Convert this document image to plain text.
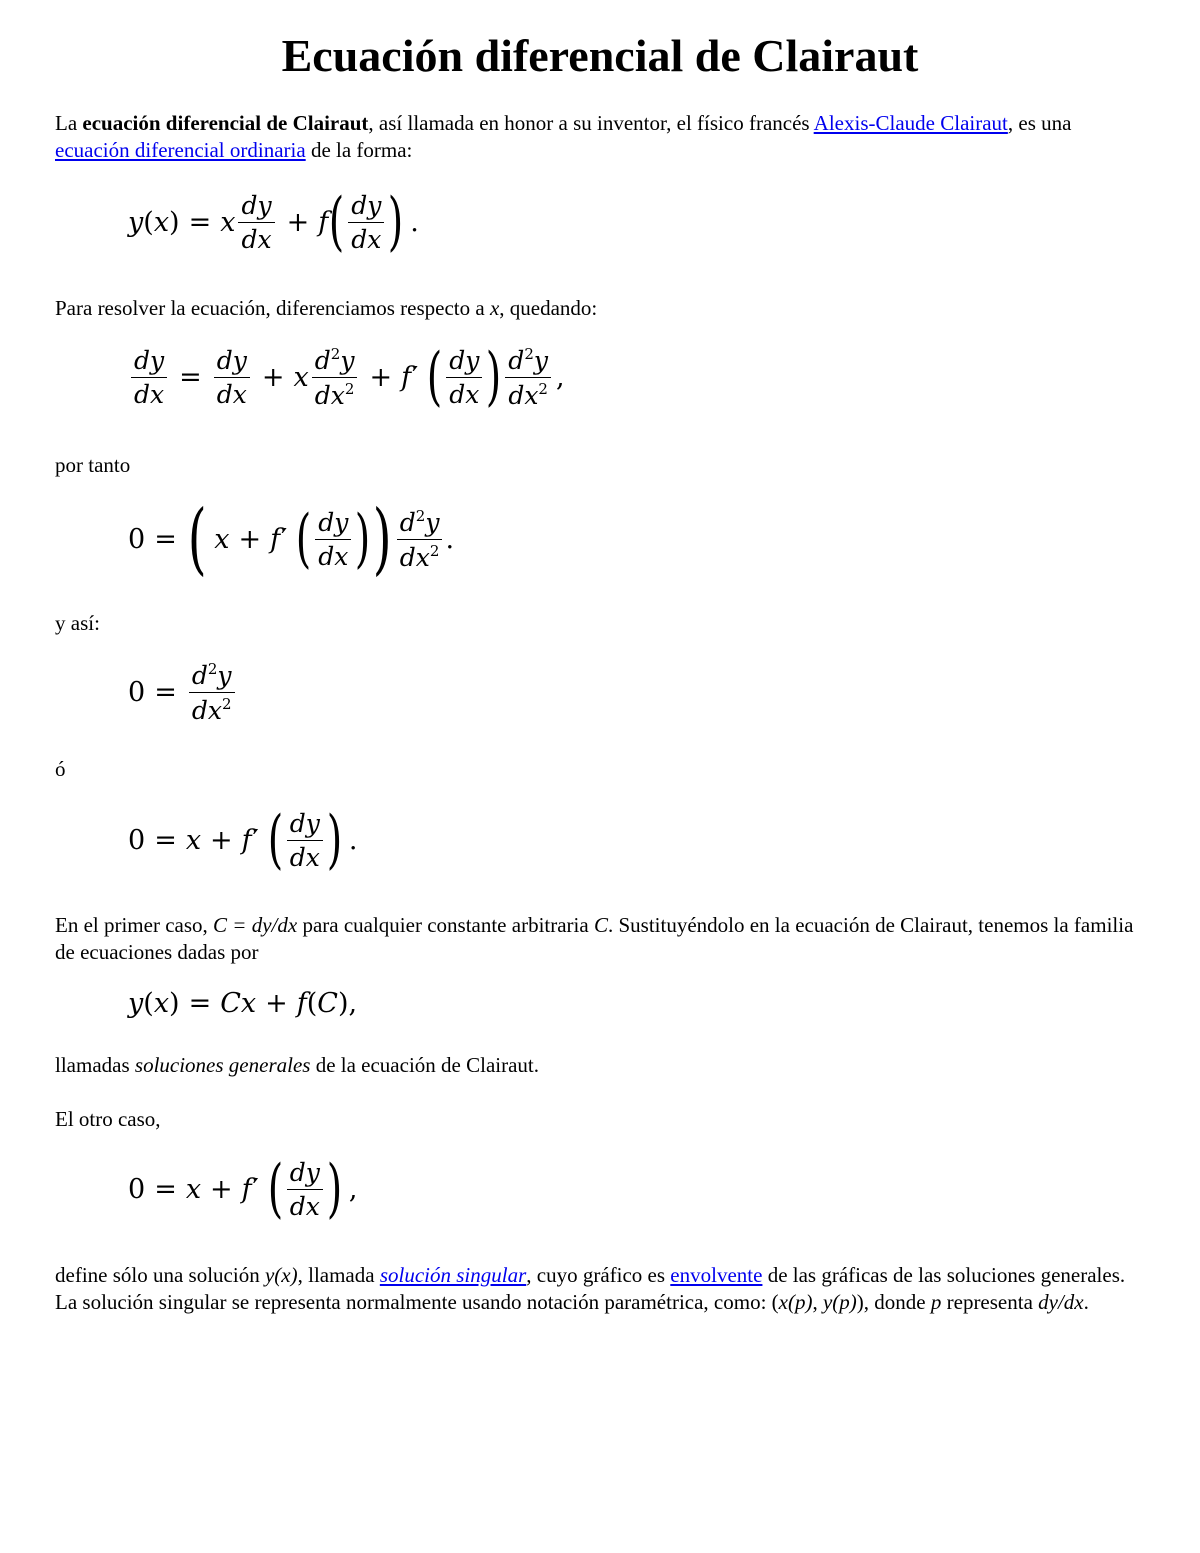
Ecuación diferencial de Clairaut

La ecuación diferencial de Clairaut, así llamada en honor a su inventor, el físico francés Alexis-Claude Clairaut, es una ecuación diferencial ordinaria de la forma:

y ( x ) = x $\frac{dy}{dx} + f$ ( $\frac{dy}{dx}$ ) .

Para resolver la ecuación, diferenciamos respecto a x, quedando:

$\frac{dy}{dx} = \frac{dy}{dx} + x \frac{d^2y}{dx^2} + f$ ′ ( $\frac{dy}{dx}$ ) $\frac{d^2y}{dx^2}$ ,

por tanto

0 = ( x + f ′ ( $\frac{dy}{dx}$ ) ) $\frac{d^2y}{dx^2}$ .

y así:

$0 = \frac{d^2y}{dx^2}$

ó

0 = x + f ′ ( $\frac{dy}{dx}$ ) .

En el primer caso, C = dy/dx para cualquier constante arbitraria C. Sustituyéndolo en la ecuación de Clairaut, tenemos la familia de ecuaciones dadas por

y ( x ) = C x + f ( C ) ,

llamadas soluciones generales de la ecuación de Clairaut.

El otro caso,

0 = x + f ′ ( $\frac{dy}{dx}$ ) ,

define sólo una solución y(x), llamada solución singular, cuyo gráfico es envolvente de las gráficas de las soluciones generales. La solución singular se representa normalmente usando notación paramétrica, como: (x(p), y(p)), donde p representa dy/dx.
